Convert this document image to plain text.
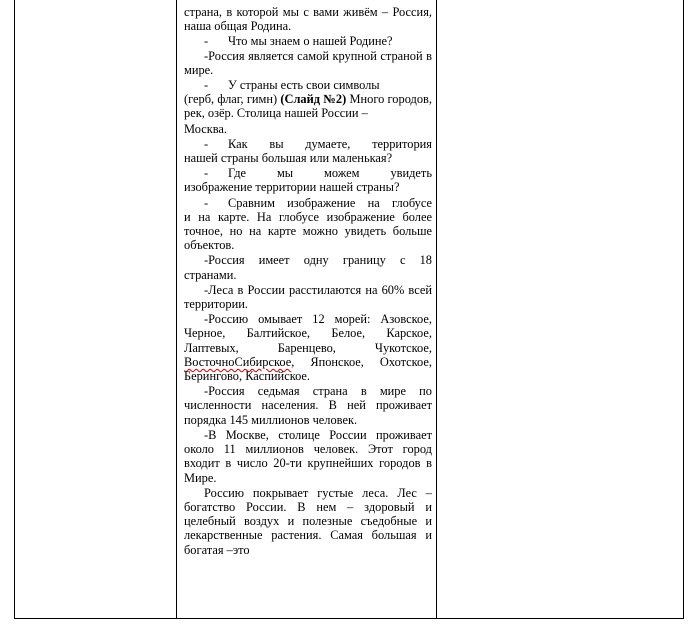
страна, в которой мы с вами живём – Россия, наша общая Родина.

-	Что мы знаем о нашей Родине?

-Россия является самой крупной страной в мире.

-	У страны есть свои символы

(герб, флаг, гимн) (Слайд №2) Много городов, рек, озёр. Столица нашей России –

Москва.

-	Как вы думаете, территория

нашей страны большая или маленькая?

-	Где мы можем увидеть

изображение территории нашей страны?

-	Сравним изображение на глобусе

и на карте. На глобусе изображение более точное, но на карте можно увидеть больше объектов.

-Россия имеет одну границу с 18 странами.

-Леса в России расстилаются на 60% всей территории.

-Россию омывает 12 морей: Азовское, Черное, Балтийское, Белое, Карское, Лаптевых, Баренцево, Чукотское, ВосточноСибирское, Японское, Охотское, Берингово, Каспийское.

-Россия седьмая страна в мире по численности населения. В ней проживает порядка 145 миллионов человек.

-В Москве, столице России проживает около 11 миллионов человек. Этот город входит в число 20-ти крупнейших городов в Мире.

Россию покрывает густые леса. Лес – богатство России. В нем – здоровый и целебный воздух и полезные съедобные и лекарственные растения. Самая большая и богатая –это
